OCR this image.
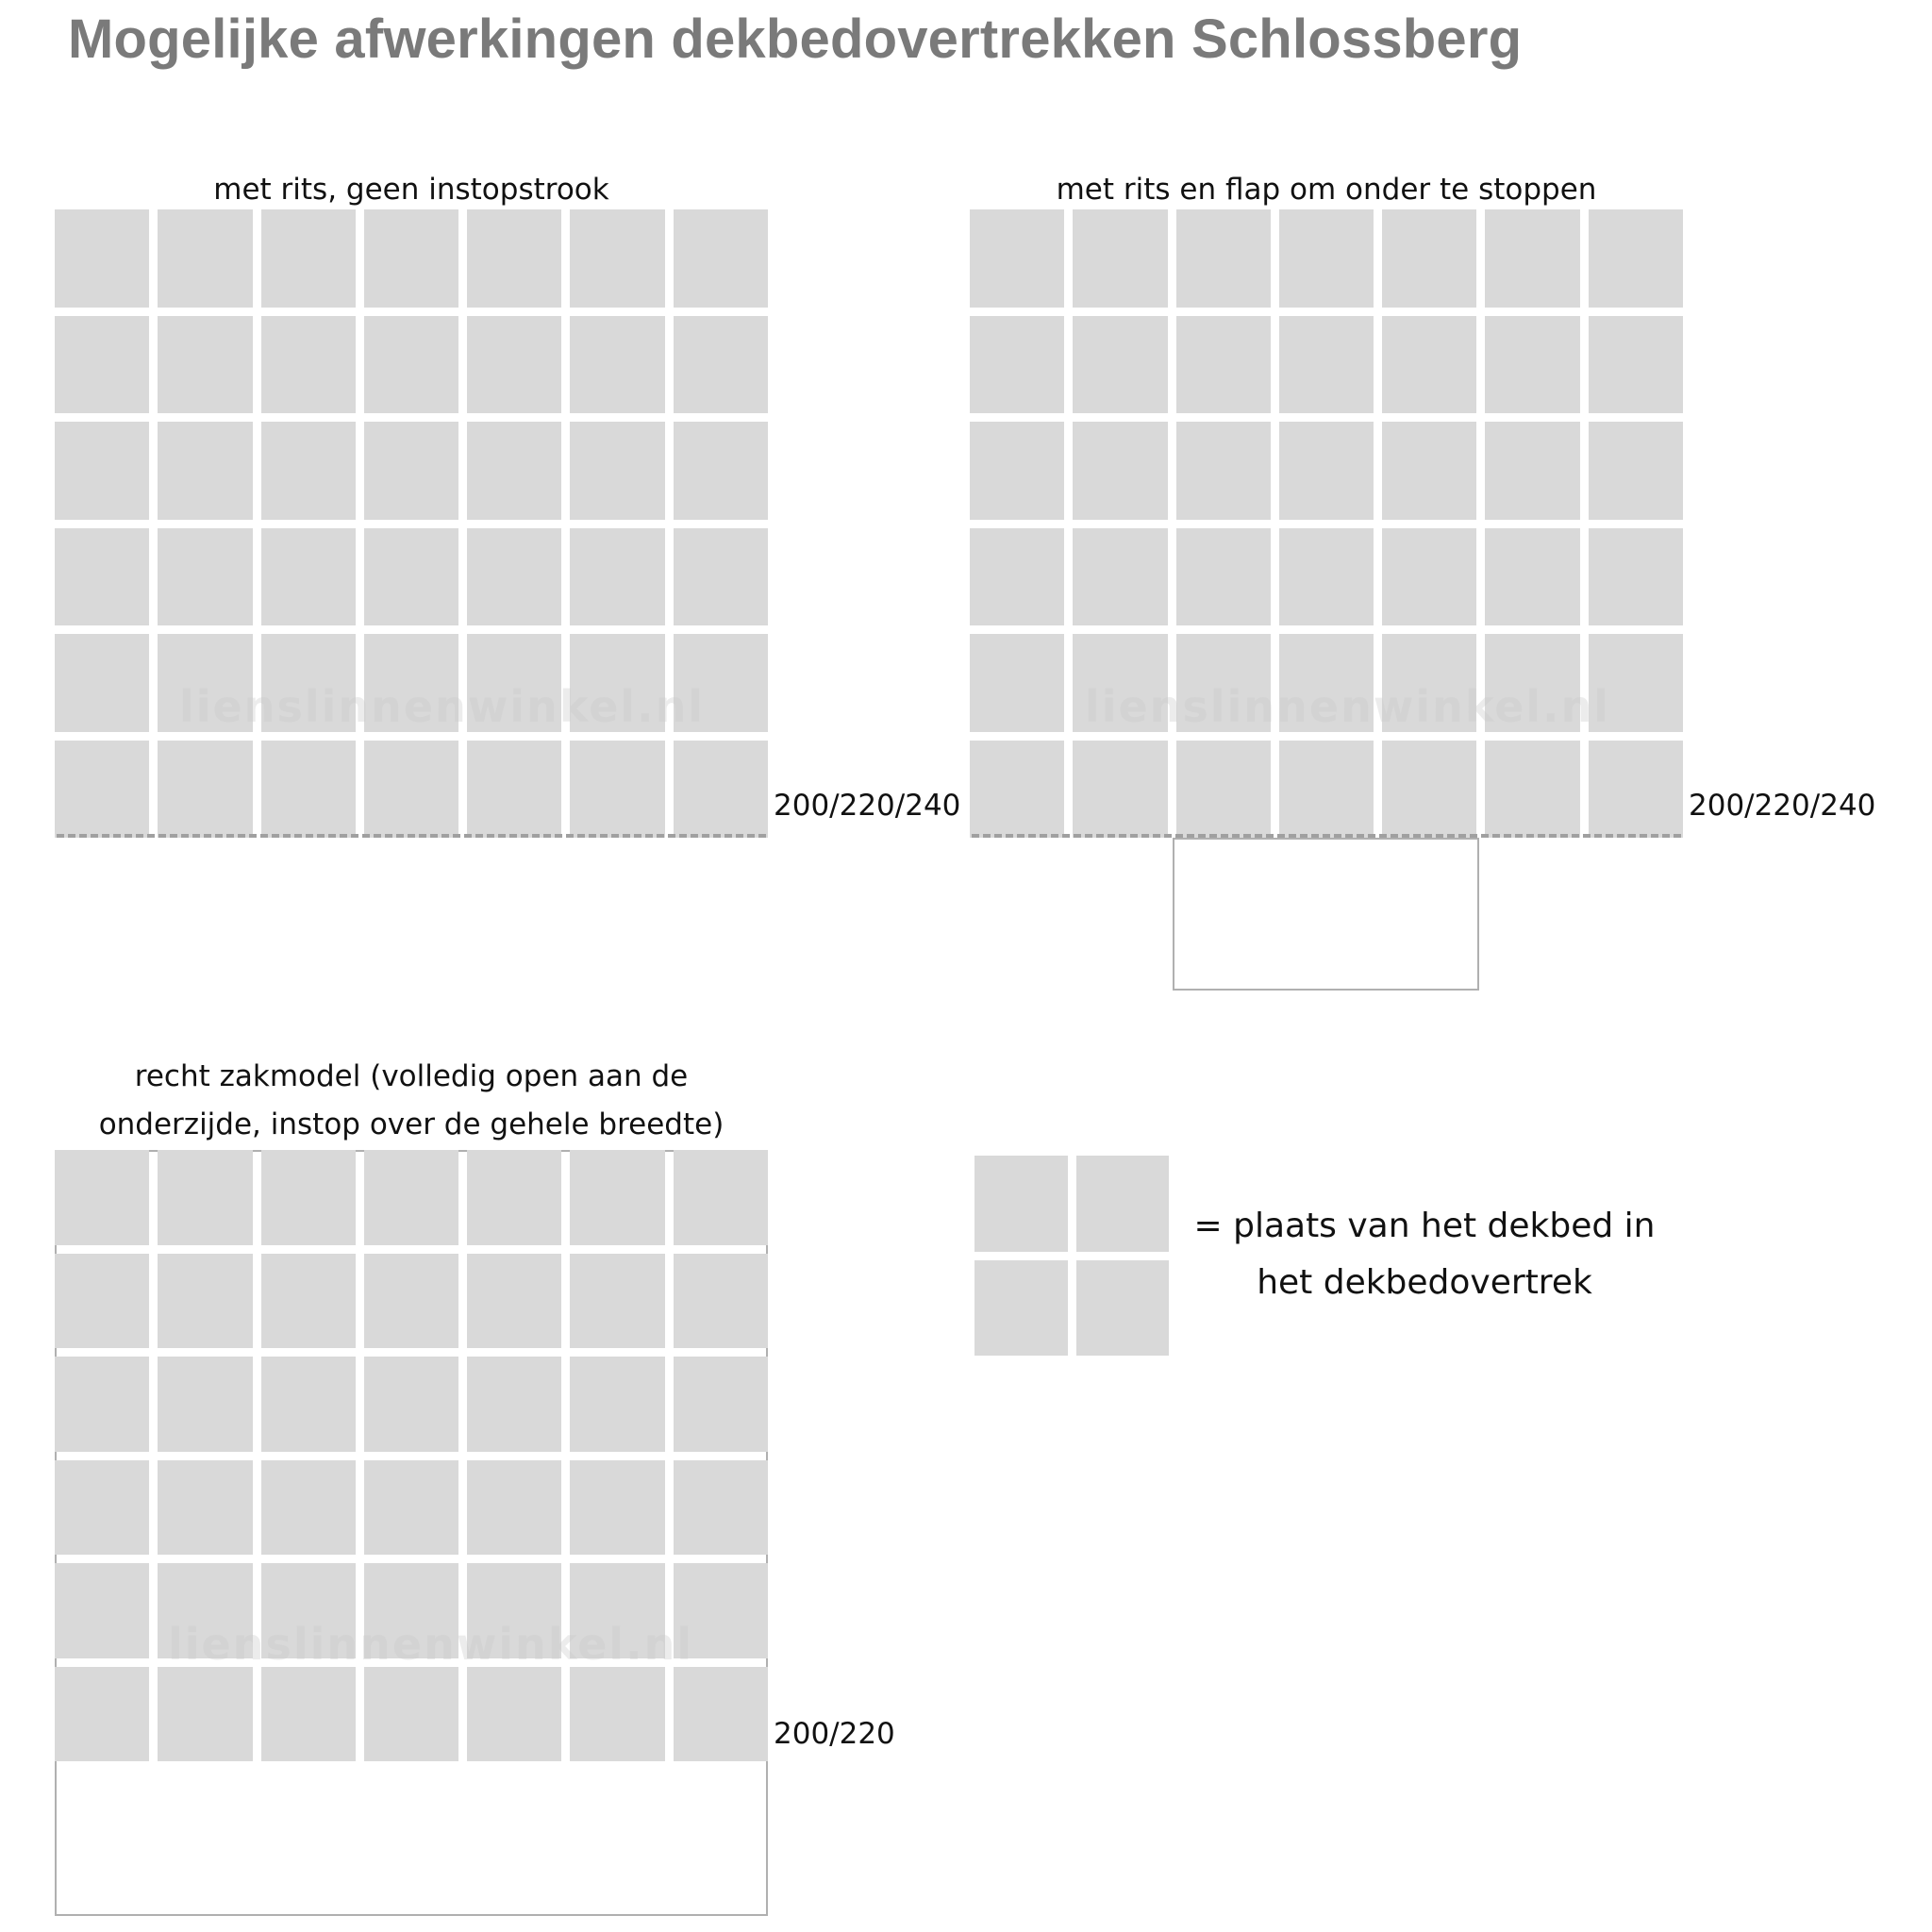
Mogelijke afwerkingen dekbedovertrekken Schlossberg
met rits, geen instopstrook
200/220/240
lienslinnenwinkel.nl
met rits en flap om onder te stoppen
200/220/240
lienslinnenwinkel.nl
recht zakmodel (volledig open aan de
onderzijde, instop over de gehele breedte)
200/220
lienslinnenwinkel.nl
= plaats van het dekbed in
het dekbedovertrek
